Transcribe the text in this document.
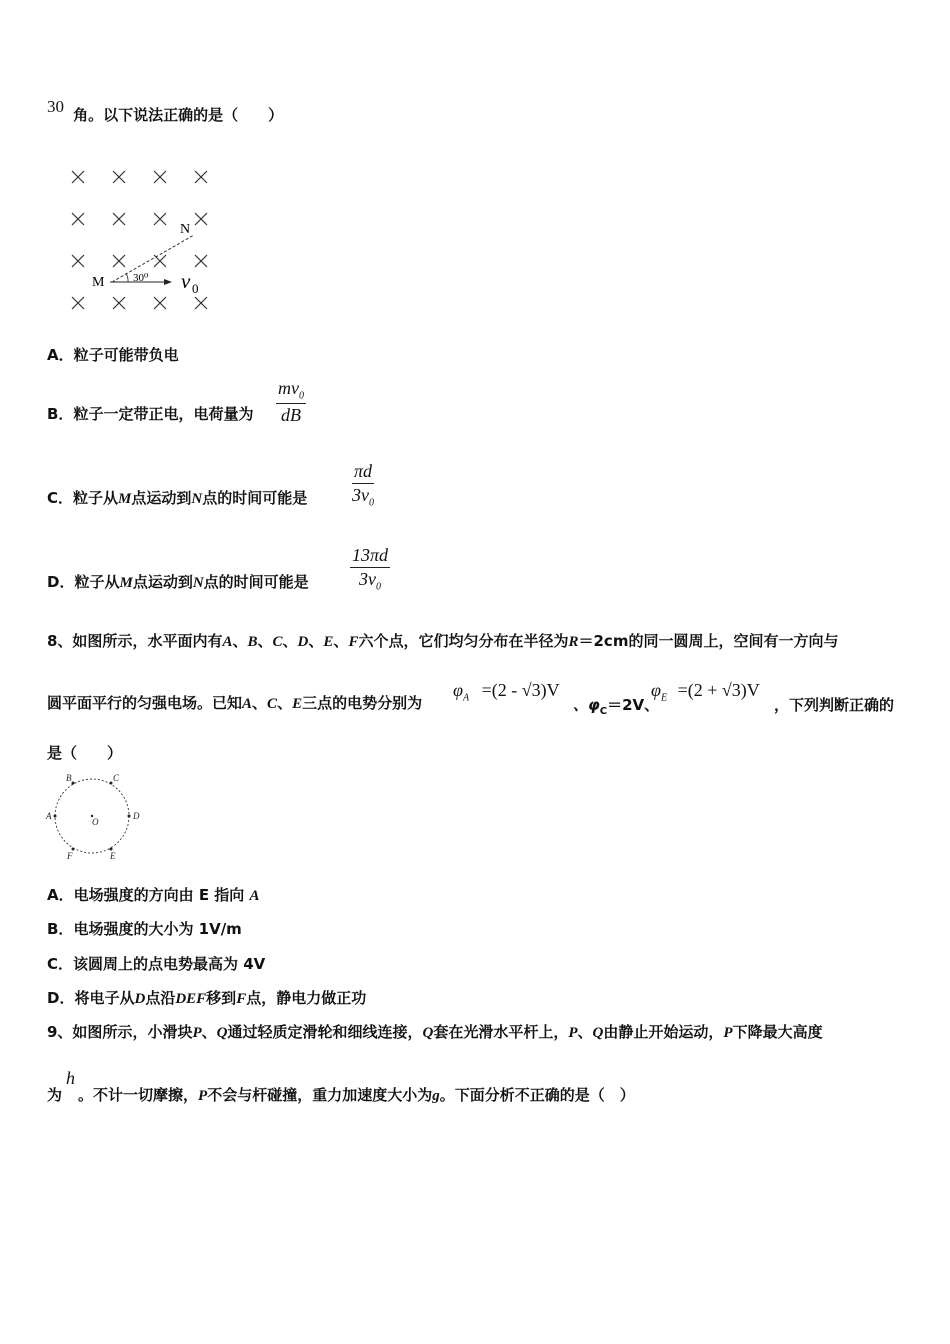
30 角。以下说法正确的是（　　）
M
N
30⁰ v 0
A．粒子可能带负电
B．粒子一定带正电，电荷量为
$mv_0$
dB
C．粒子从M点运动到N点的时间可能是
πd
$3v_0$
D．粒子从M点运动到N点的时间可能是
13πd
$3v_0$
8、如图所示，水平面内有A、B、C、D、E、F六个点，它们均匀分布在半径为R＝2cm的同一圆周上，空间有一方向与
圆平面平行的匀强电场。已知A、C、E三点的电势分别为
$\varphi_A =(2 - √3)V$
、$\varphi_C=2V$、
$\varphi_E =(2 + √3)V$
，下列判断正确的
是（　　）
B	C
A	D
F	E
O
A．电场强度的方向由 E 指向 A
B．电场强度的大小为 1V/m
C．该圆周上的点电势最高为 4V
D．将电子从D点沿DEF移到F点，静电力做正功
9、如图所示，小滑块P、Q通过轻质定滑轮和细线连接，Q套在光滑水平杆上，P、Q由静止开始运动，P下降最大高度
为
h
。不计一切摩擦，P不会与杆碰撞，重力加速度大小为g。下面分析不正确的是（　）
